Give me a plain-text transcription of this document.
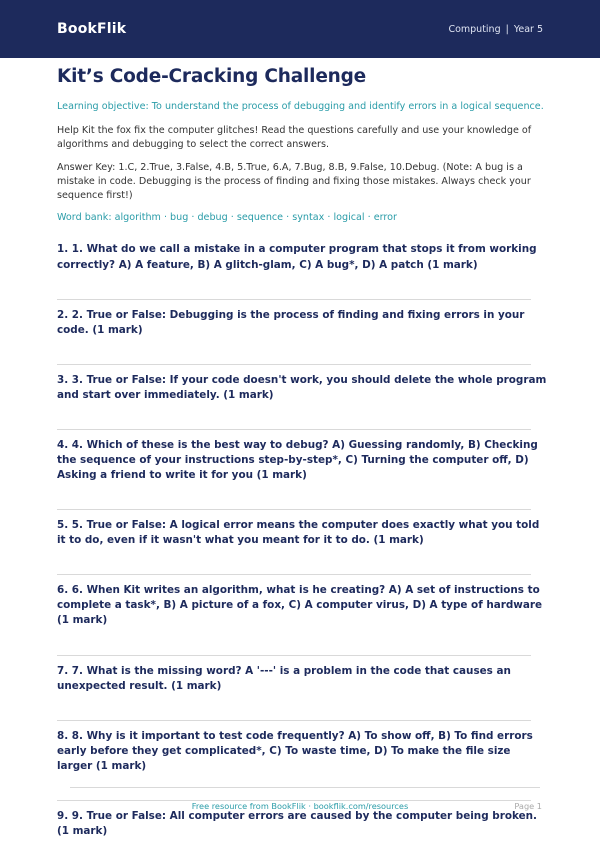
BookFlik	Computing | Year 5
Kit’s Code-Cracking Challenge

Learning objective: To understand the process of debugging and identify errors in a logical sequence.

Help Kit the fox fix the computer glitches! Read the questions carefully and use your knowledge of algorithms and debugging to select the correct answers.

Answer Key: 1.C, 2.True, 3.False, 4.B, 5.True, 6.A, 7.Bug, 8.B, 9.False, 10.Debug. (Note: A bug is a mistake in code. Debugging is the process of finding and fixing those mistakes. Always check your sequence first!)

Word bank: algorithm · bug · debug · sequence · syntax · logical · error

1. 1. What do we call a mistake in a computer program that stops it from working correctly? A) A feature, B) A glitch-glam, C) A bug*, D) A patch (1 mark)

2. 2. True or False: Debugging is the process of finding and fixing errors in your code. (1 mark)

3. 3. True or False: If your code doesn't work, you should delete the whole program and start over immediately. (1 mark)

4. 4. Which of these is the best way to debug? A) Guessing randomly, B) Checking the sequence of your instructions step-by-step*, C) Turning the computer off, D) Asking a friend to write it for you (1 mark)

5. 5. True or False: A logical error means the computer does exactly what you told it to do, even if it wasn't what you meant for it to do. (1 mark)

6. 6. When Kit writes an algorithm, what is he creating? A) A set of instructions to complete a task*, B) A picture of a fox, C) A computer virus, D) A type of hardware (1 mark)

7. 7. What is the missing word? A '---' is a problem in the code that causes an unexpected result. (1 mark)

8. 8. Why is it important to test code frequently? A) To show off, B) To find errors early before they get complicated*, C) To waste time, D) To make the file size larger (1 mark)

9. 9. True or False: All computer errors are caused by the computer being broken. (1 mark)

Free resource from BookFlik · bookflik.com/resources	Page 1
